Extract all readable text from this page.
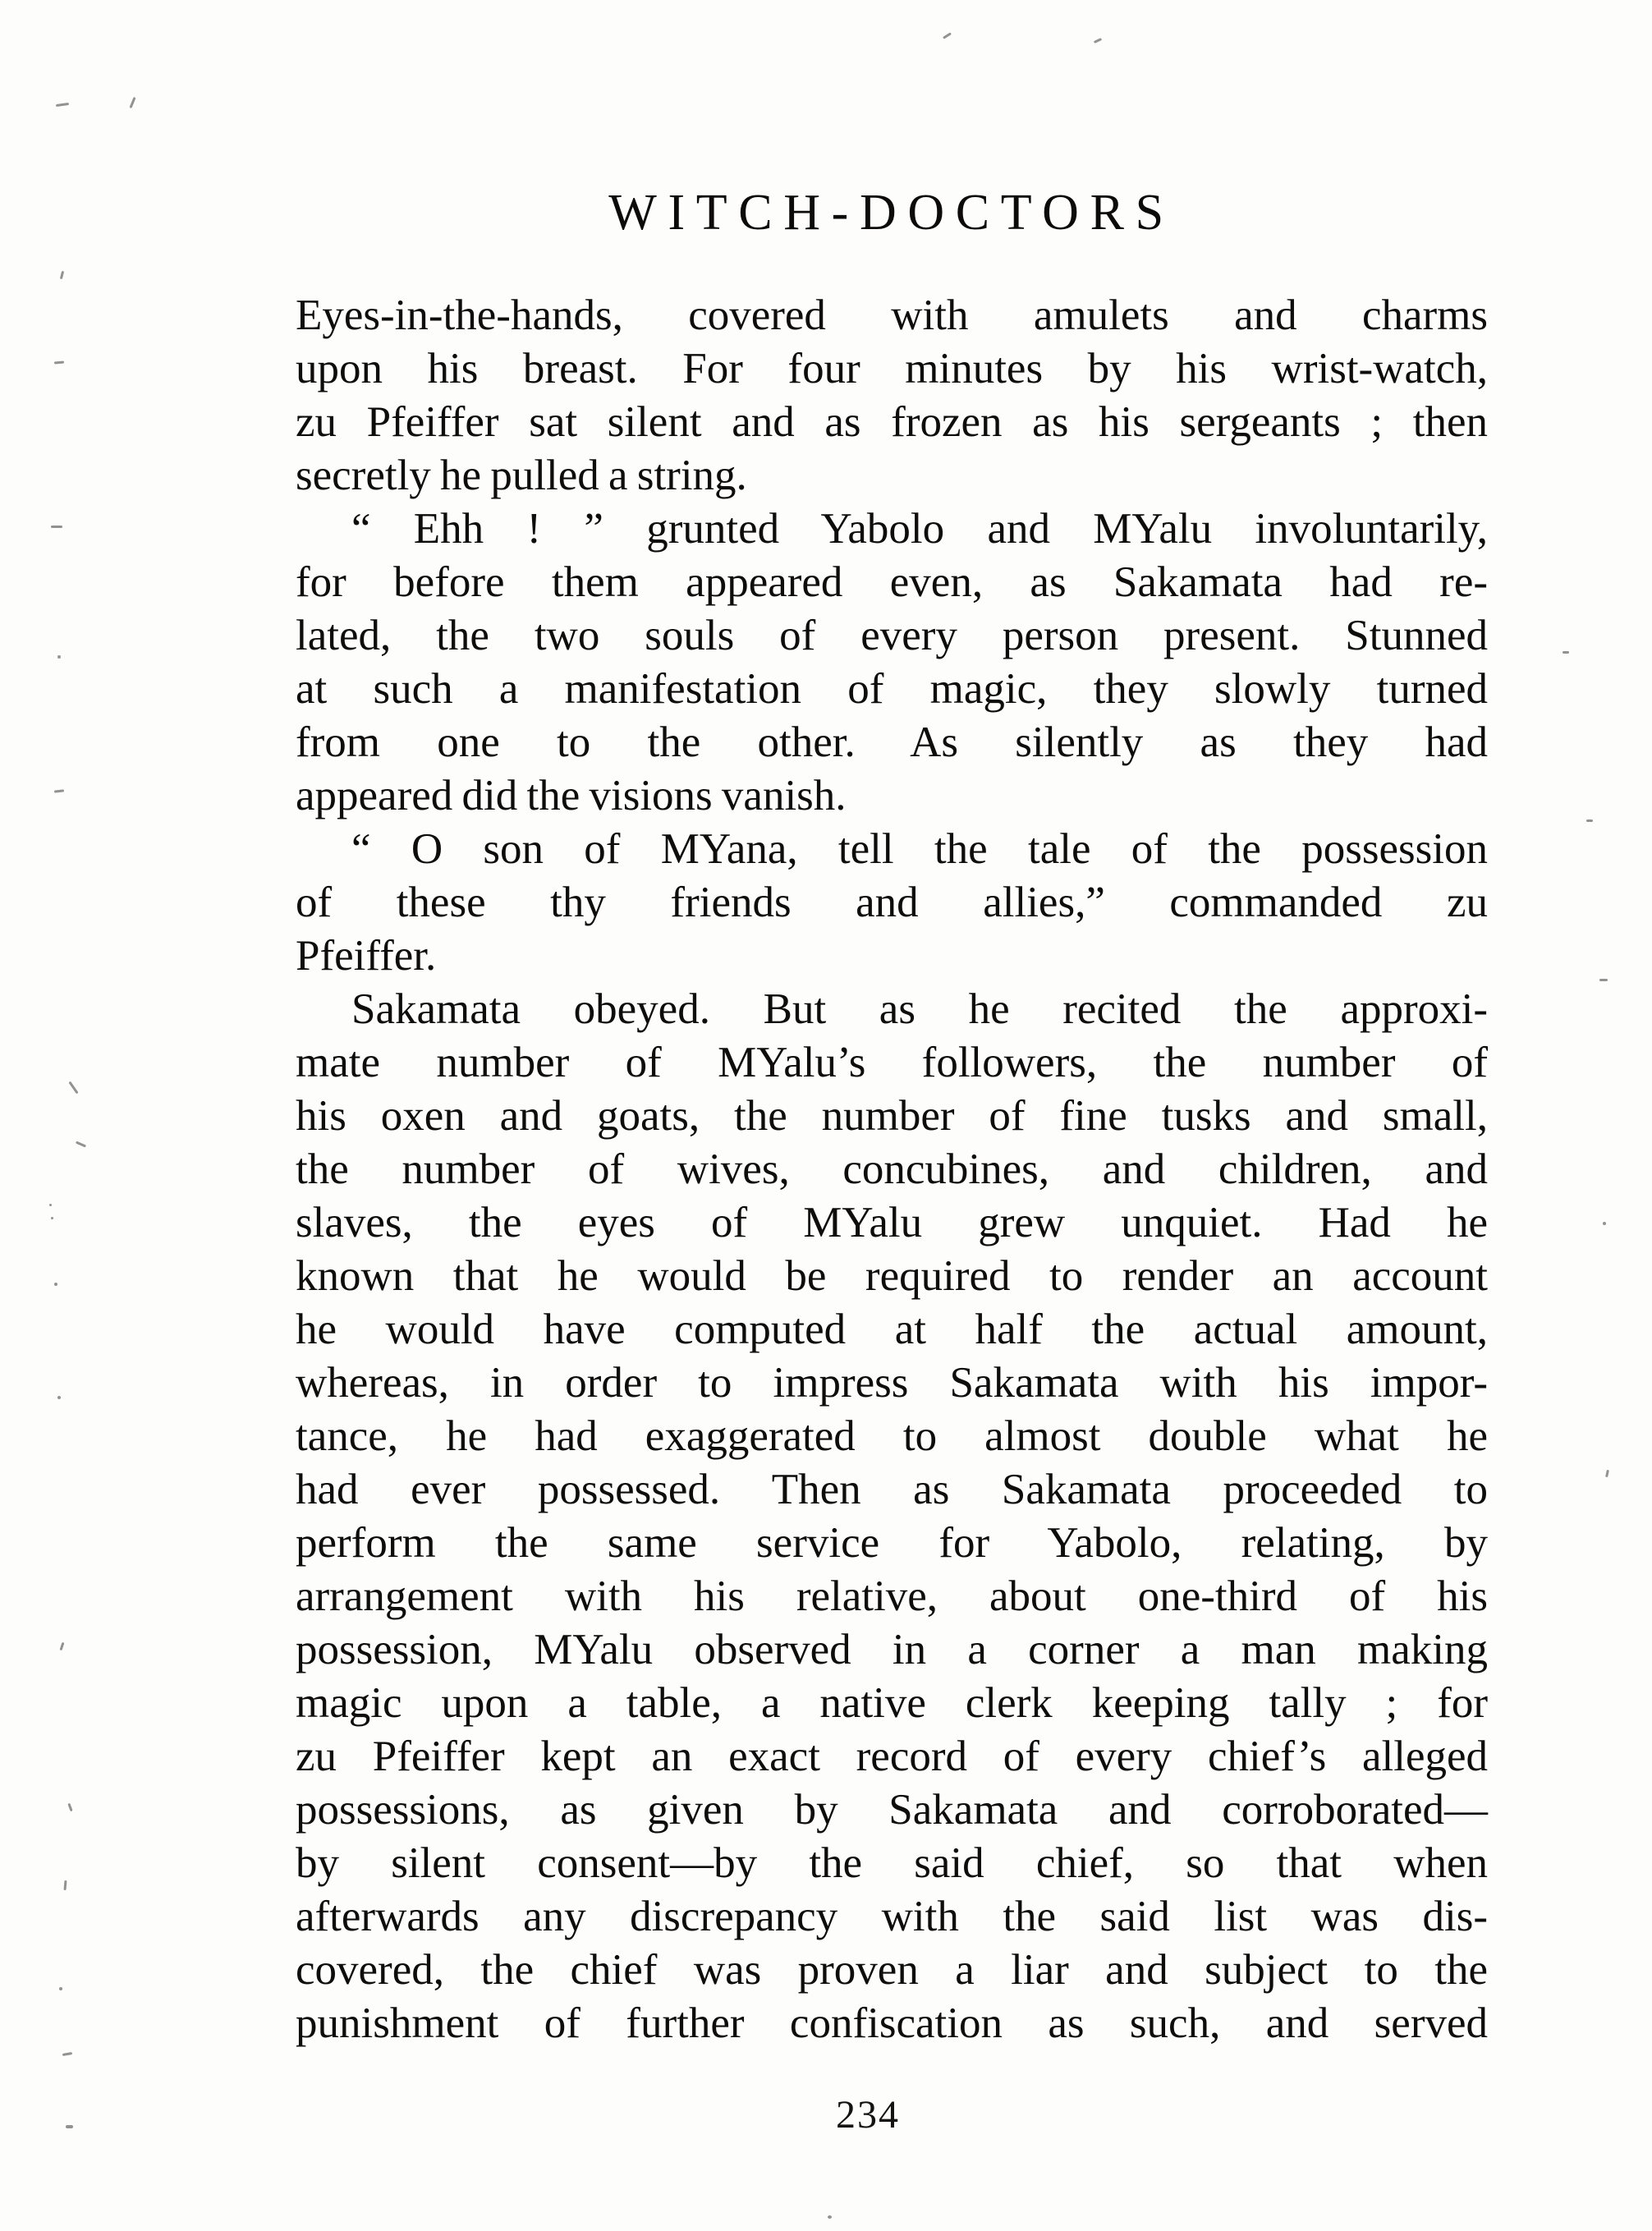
WITCH-DOCTORS
Eyes-in-the-hands, covered with amulets and charms
upon his breast. For four minutes by his wrist-watch,
zu Pfeiffer sat silent and as frozen as his sergeants ; then
secretly he pulled a string.
“ Ehh ! ” grunted Yabolo and MYalu involuntarily,
for before them appeared even, as Sakamata had re-
lated, the two souls of every person present. Stunned
at such a manifestation of magic, they slowly turned
from one to the other. As silently as they had
appeared did the visions vanish.
“ O son of MYana, tell the tale of the possession
of these thy friends and allies,” commanded zu
Pfeiffer.
Sakamata obeyed. But as he recited the approxi-
mate number of MYalu’s followers, the number of
his oxen and goats, the number of fine tusks and small,
the number of wives, concubines, and children, and
slaves, the eyes of MYalu grew unquiet. Had he
known that he would be required to render an account
he would have computed at half the actual amount,
whereas, in order to impress Sakamata with his impor-
tance, he had exaggerated to almost double what he
had ever possessed. Then as Sakamata proceeded to
perform the same service for Yabolo, relating, by
arrangement with his relative, about one-third of his
possession, MYalu observed in a corner a man making
magic upon a table, a native clerk keeping tally ; for
zu Pfeiffer kept an exact record of every chief’s alleged
possessions, as given by Sakamata and corroborated—
by silent consent—by the said chief, so that when
afterwards any discrepancy with the said list was dis-
covered, the chief was proven a liar and subject to the
punishment of further confiscation as such, and served
234
